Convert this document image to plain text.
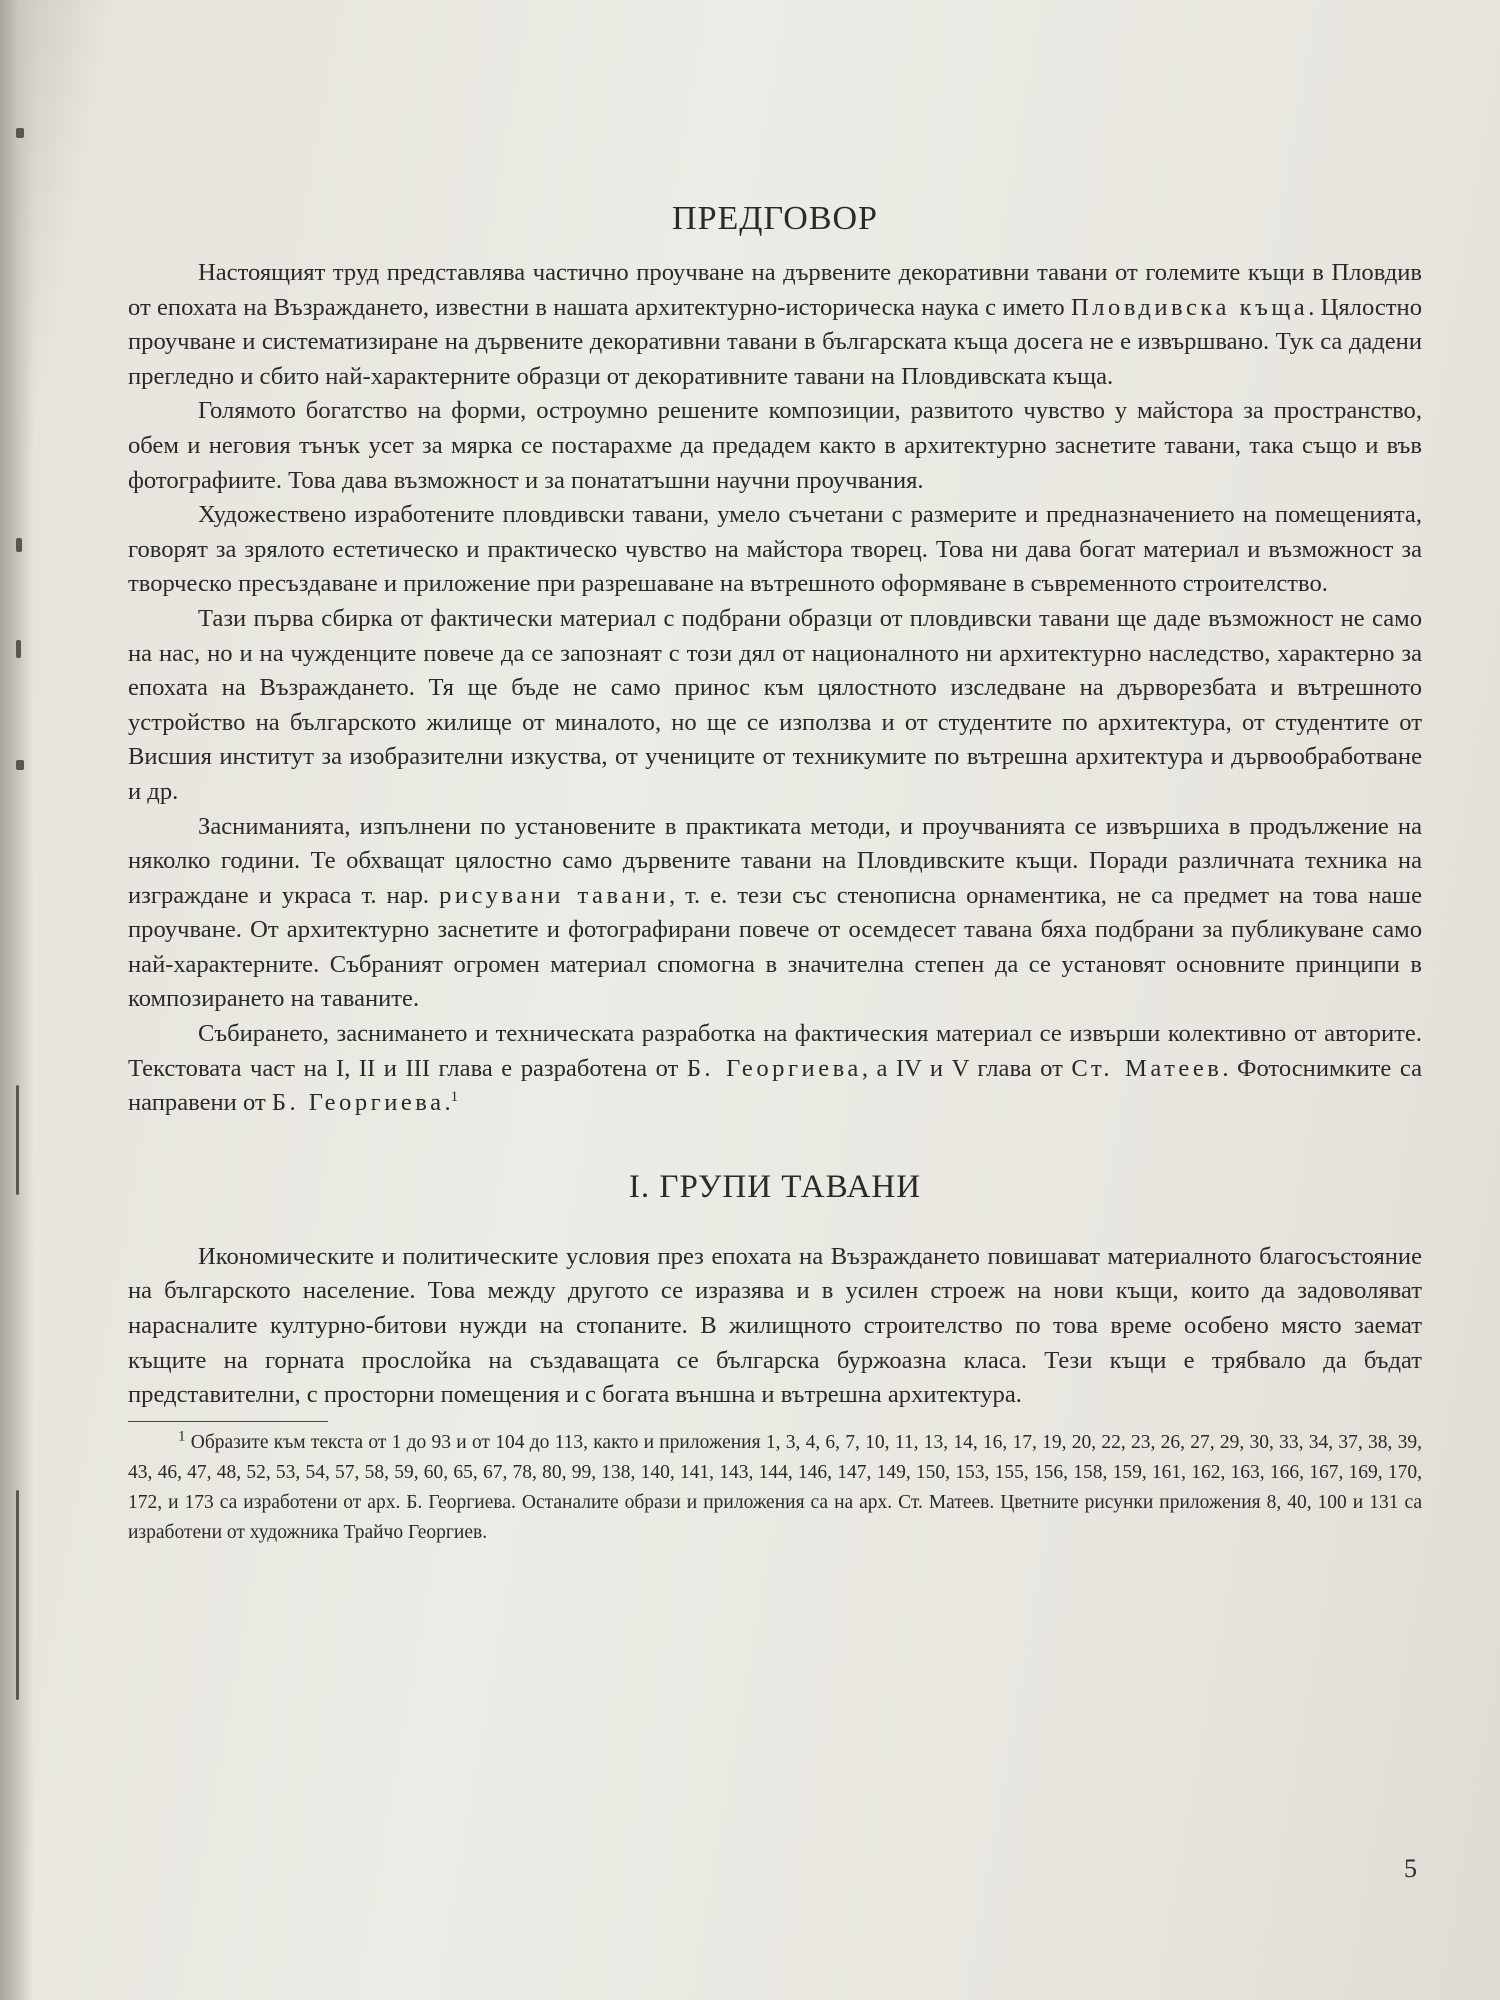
ПРЕДГОВОР

Настоящият труд представлява частично проучване на дървените декоративни тавани от големите къщи в Пловдив от епохата на Възраждането, известни в нашата архитектурно-историческа наука с името Пловдивска къща. Цялостно проучване и систематизиране на дървените декоративни тавани в българската къща досега не е извършвано. Тук са дадени прегледно и сбито най-характерните образци от декоративните тавани на Пловдивската къща.

Голямото богатство на форми, остроумно решените композиции, развитото чувство у майстора за пространство, обем и неговия тънък усет за мярка се постарахме да предадем както в архитектурно заснетите тавани, така също и във фотографиите. Това дава възможност и за понататъшни научни проучвания.

Художествено изработените пловдивски тавани, умело съчетани с размерите и предназначението на помещенията, говорят за зрялото естетическо и практическо чувство на майстора творец. Това ни дава богат материал и възможност за творческо пресъздаване и приложение при разрешаване на вътрешното оформяване в съвременното строителство.

Тази първа сбирка от фактически материал с подбрани образци от пловдивски тавани ще даде възможност не само на нас, но и на чужденците повече да се запознаят с този дял от националното ни архитектурно наследство, характерно за епохата на Възраждането. Тя ще бъде не само принос към цялостното изследване на дърворезбата и вътрешното устройство на българското жилище от миналото, но ще се използва и от студентите по архитектура, от студентите от Висшия институт за изобразителни изкуства, от учениците от техникумите по вътрешна архитектура и дървообработване и др.

Засниманията, изпълнени по установените в практиката методи, и проучванията се извършиха в продължение на няколко години. Те обхващат цялостно само дървените тавани на Пловдивските къщи. Поради различната техника на изграждане и украса т. нар. рисувани тавани, т. е. тези със стенописна орнаментика, не са предмет на това наше проучване. От архитектурно заснетите и фотографирани повече от осемдесет тавана бяха подбрани за публикуване само най-характерните. Събраният огромен материал спомогна в значителна степен да се установят основните принципи в композирането на таваните.

Събирането, заснимането и техническата разработка на фактическия материал се извърши колективно от авторите. Текстовата част на I, II и III глава е разработена от Б. Георгиева, а IV и V глава от Ст. Матеев. Фотоснимките са направени от Б. Георгиева.$^1$

I. ГРУПИ ТАВАНИ

Икономическите и политическите условия през епохата на Възраждането повишават материалното благосъстояние на българското население. Това между другото се изразява и в усилен строеж на нови къщи, които да задоволяват нарасналите културно-битови нужди на стопаните. В жилищното строителство по това време особено място заемат къщите на горната прослойка на създаващата се българска буржоазна класа. Тези къщи е трябвало да бъдат представителни, с просторни помещения и с богата външна и вътрешна архитектура.

$^1$ Образите към текста от 1 до 93 и от 104 до 113, както и приложения 1, 3, 4, 6, 7, 10, 11, 13, 14, 16, 17, 19, 20, 22, 23, 26, 27, 29, 30, 33, 34, 37, 38, 39, 43, 46, 47, 48, 52, 53, 54, 57, 58, 59, 60, 65, 67, 78, 80, 99, 138, 140, 141, 143, 144, 146, 147, 149, 150, 153, 155, 156, 158, 159, 161, 162, 163, 166, 167, 169, 170, 172, и 173 са изработени от арх. Б. Георгиева. Останалите образи и приложения са на арх. Ст. Матеев. Цветните рисунки приложения 8, 40, 100 и 131 са изработени от художника Трайчо Георгиев.

5
